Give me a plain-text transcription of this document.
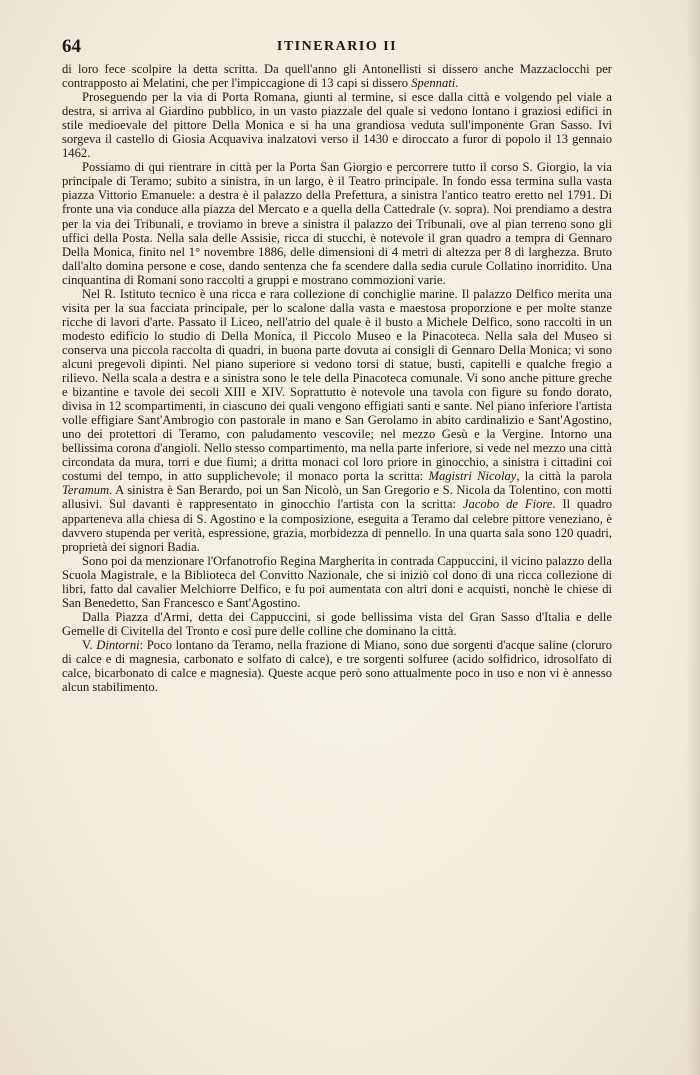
64	ITINERARIO II

di loro fece scolpire la detta scritta. Da quell'anno gli Antonellisti si dissero anche Mazzaclocchi per contrapposto ai Melatini, che per l'impiccagione di 13 capi si dissero Spennati.

Proseguendo per la via di Porta Romana, giunti al termine, si esce dalla città e volgendo pel viale a destra, si arriva al Giardino pubblico, in un vasto piazzale del quale si vedono lontano i graziosi edifici in stile medioevale del pittore Della Monica e si ha una grandiosa veduta sull'imponente Gran Sasso. Ivi sorgeva il castello di Giosia Acquaviva inalzatovi verso il 1430 e diroccato a furor di popolo il 13 gennaio 1462.

Possiamo di qui rientrare in città per la Porta San Giorgio e percorrere tutto il corso S. Giorgio, la via principale di Teramo; subito a sinistra, in un largo, è il Teatro principale. In fondo essa termina sulla vasta piazza Vittorio Emanuele: a destra è il palazzo della Prefettura, a sinistra l'antico teatro eretto nel 1791. Di fronte una via conduce alla piazza del Mercato e a quella della Cattedrale (v. sopra). Noi prendiamo a destra per la via dei Tribunali, e troviamo in breve a sinistra il palazzo dei Tribunali, ove al pian terreno sono gli uffici della Posta. Nella sala delle Assisie, ricca di stucchi, è notevole il gran quadro a tempra di Gennaro Della Monica, finito nel 1° novembre 1886, delle dimensioni di 4 metri di altezza per 8 di larghezza. Bruto dall'alto domina persone e cose, dando sentenza che fa scendere dalla sedia curule Collatino inorridito. Una cinquantina di Romani sono raccolti a gruppi e mostrano commozioni varie.

Nel R. Istituto tecnico è una ricca e rara collezione di conchiglie marine. Il palazzo Delfico merita una visita per la sua facciata principale, per lo scalone dalla vasta e maestosa proporzione e per molte stanze ricche di lavori d'arte. Passato il Liceo, nell'atrio del quale è il busto a Michele Delfico, sono raccolti in un modesto edificio lo studio di Della Monica, il Piccolo Museo e la Pinacoteca. Nella sala del Museo si conserva una piccola raccolta di quadri, in buona parte dovuta ai consigli di Gennaro Della Monica; vi sono alcuni pregevoli dipinti. Nel piano superiore si vedono torsi di statue, busti, capitelli e qualche fregio a rilievo. Nella scala a destra e a sinistra sono le tele della Pinacoteca comunale. Vi sono anche pitture greche e bizantine e tavole dei secoli XIII e XIV. Soprattutto è notevole una tavola con figure su fondo dorato, divisa in 12 scompartimenti, in ciascuno dei quali vengono effigiati santi e sante. Nel piano inferiore l'artista volle effigiare Sant'Ambrogio con pastorale in mano e San Gerolamo in abito cardinalizio e Sant'Agostino, uno dei protettori di Teramo, con paludamento vescovile; nel mezzo Gesù e la Vergine. Intorno una bellissima corona d'angioli. Nello stesso compartimento, ma nella parte inferiore, si vede nel mezzo una città circondata da mura, torri e due fiumi; a dritta monaci col loro priore in ginocchio, a sinistra i cittadini coi costumi del tempo, in atto supplichevole; il monaco porta la scritta: Magistri Nicolay, la città la parola Teramum. A sinistra è San Berardo, poi un San Nicolò, un San Gregorio e S. Nicola da Tolentino, con motti allusivi. Sul davanti è rappresentato in ginocchio l'artista con la scritta: Jacobo de Fiore. Il quadro apparteneva alla chiesa di S. Agostino e la composizione, eseguita a Teramo dal celebre pittore veneziano, è davvero stupenda per verità, espressione, grazia, morbidezza di pennello. In una quarta sala sono 120 quadri, proprietà dei signori Badia.

Sono poi da menzionare l'Orfanotrofio Regina Margherita in contrada Cappuccini, il vicino palazzo della Scuola Magistrale, e la Biblioteca del Convitto Nazionale, che si iniziò col dono di una ricca collezione di libri, fatto dal cavalier Melchiorre Delfico, e fu poi aumentata con altri doni e acquisti, nonchè le chiese di San Benedetto, San Francesco e Sant'Agostino.

Dalla Piazza d'Armi, detta dei Cappuccini, si gode bellissima vista del Gran Sasso d'Italia e delle Gemelle di Civitella del Tronto e così pure delle colline che dominano la città.

V. Dintorni: Poco lontano da Teramo, nella frazione di Miano, sono due sorgenti d'acque saline (cloruro di calce e di magnesia, carbonato e solfato di calce), e tre sorgenti solfuree (acido solfidrico, idrosolfato di calce, bicarbonato di calce e magnesia). Queste acque però sono attualmente poco in uso e non vi è annesso alcun stabilimento.
